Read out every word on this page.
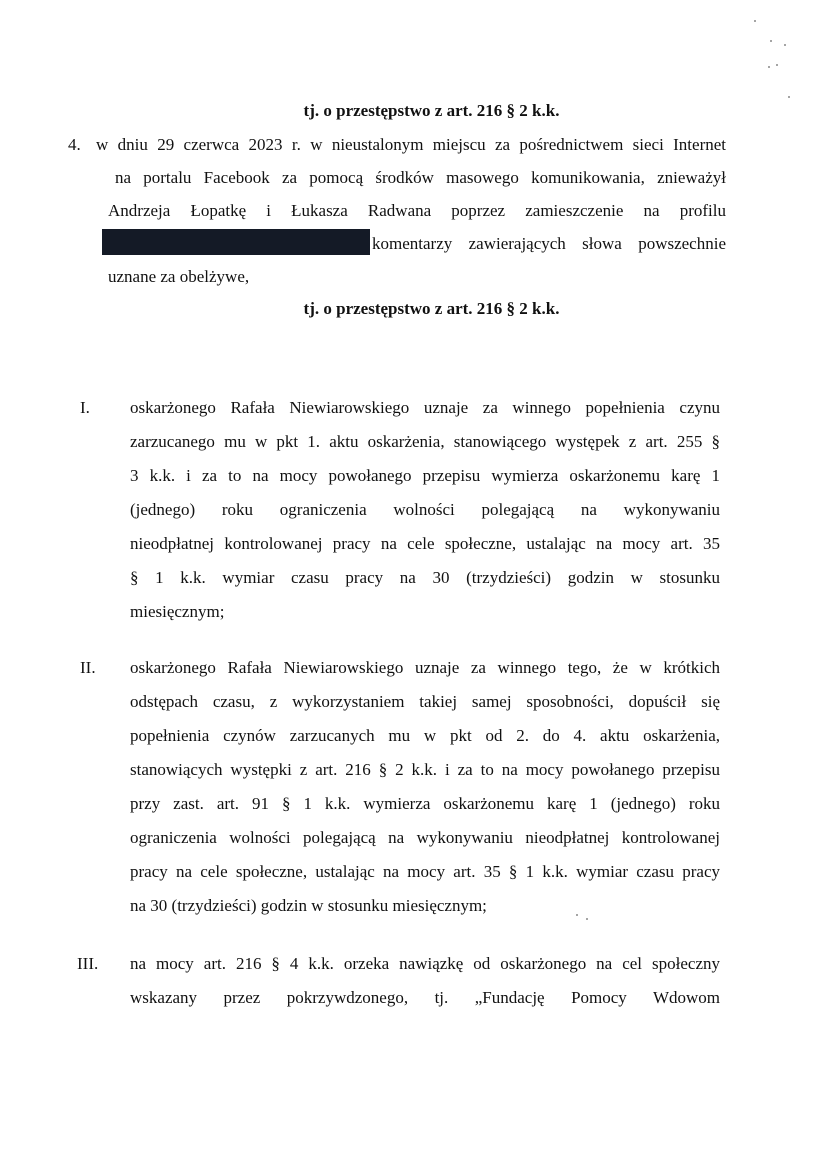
tj. o przestępstwo z art. 216 § 2 k.k.
4. w dniu 29 czerwca 2023 r. w nieustalonym miejscu za pośrednictwem sieci Internet
na portalu Facebook za pomocą środków masowego komunikowania, znieważył
Andrzeja Łopatkę i Łukasza Radwana poprzez zamieszczenie na profilu
komentarzy zawierających słowa powszechnie
uznane za obelżywe,
tj. o przestępstwo z art. 216 § 2 k.k.
I. oskarżonego Rafała Niewiarowskiego uznaje za winnego popełnienia czynu
zarzucanego mu w pkt 1. aktu oskarżenia, stanowiącego występek z art. 255 §
3 k.k. i za to na mocy powołanego przepisu wymierza oskarżonemu karę 1
(jednego) roku ograniczenia wolności polegającą na wykonywaniu
nieodpłatnej kontrolowanej pracy na cele społeczne, ustalając na mocy art. 35
§ 1 k.k. wymiar czasu pracy na 30 (trzydzieści) godzin w stosunku
miesięcznym;
II. oskarżonego Rafała Niewiarowskiego uznaje za winnego tego, że w krótkich
odstępach czasu, z wykorzystaniem takiej samej sposobności, dopuścił się
popełnienia czynów zarzucanych mu w pkt od 2. do 4. aktu oskarżenia,
stanowiących występki z art. 216 § 2 k.k. i za to na mocy powołanego przepisu
przy zast. art. 91 § 1 k.k. wymierza oskarżonemu karę 1 (jednego) roku
ograniczenia wolności polegającą na wykonywaniu nieodpłatnej kontrolowanej
pracy na cele społeczne, ustalając na mocy art. 35 § 1 k.k. wymiar czasu pracy
na 30 (trzydzieści) godzin w stosunku miesięcznym;
III. na mocy art. 216 § 4 k.k. orzeka nawiązkę od oskarżonego na cel społeczny
wskazany przez pokrzywdzonego, tj. „Fundację Pomocy Wdowom
